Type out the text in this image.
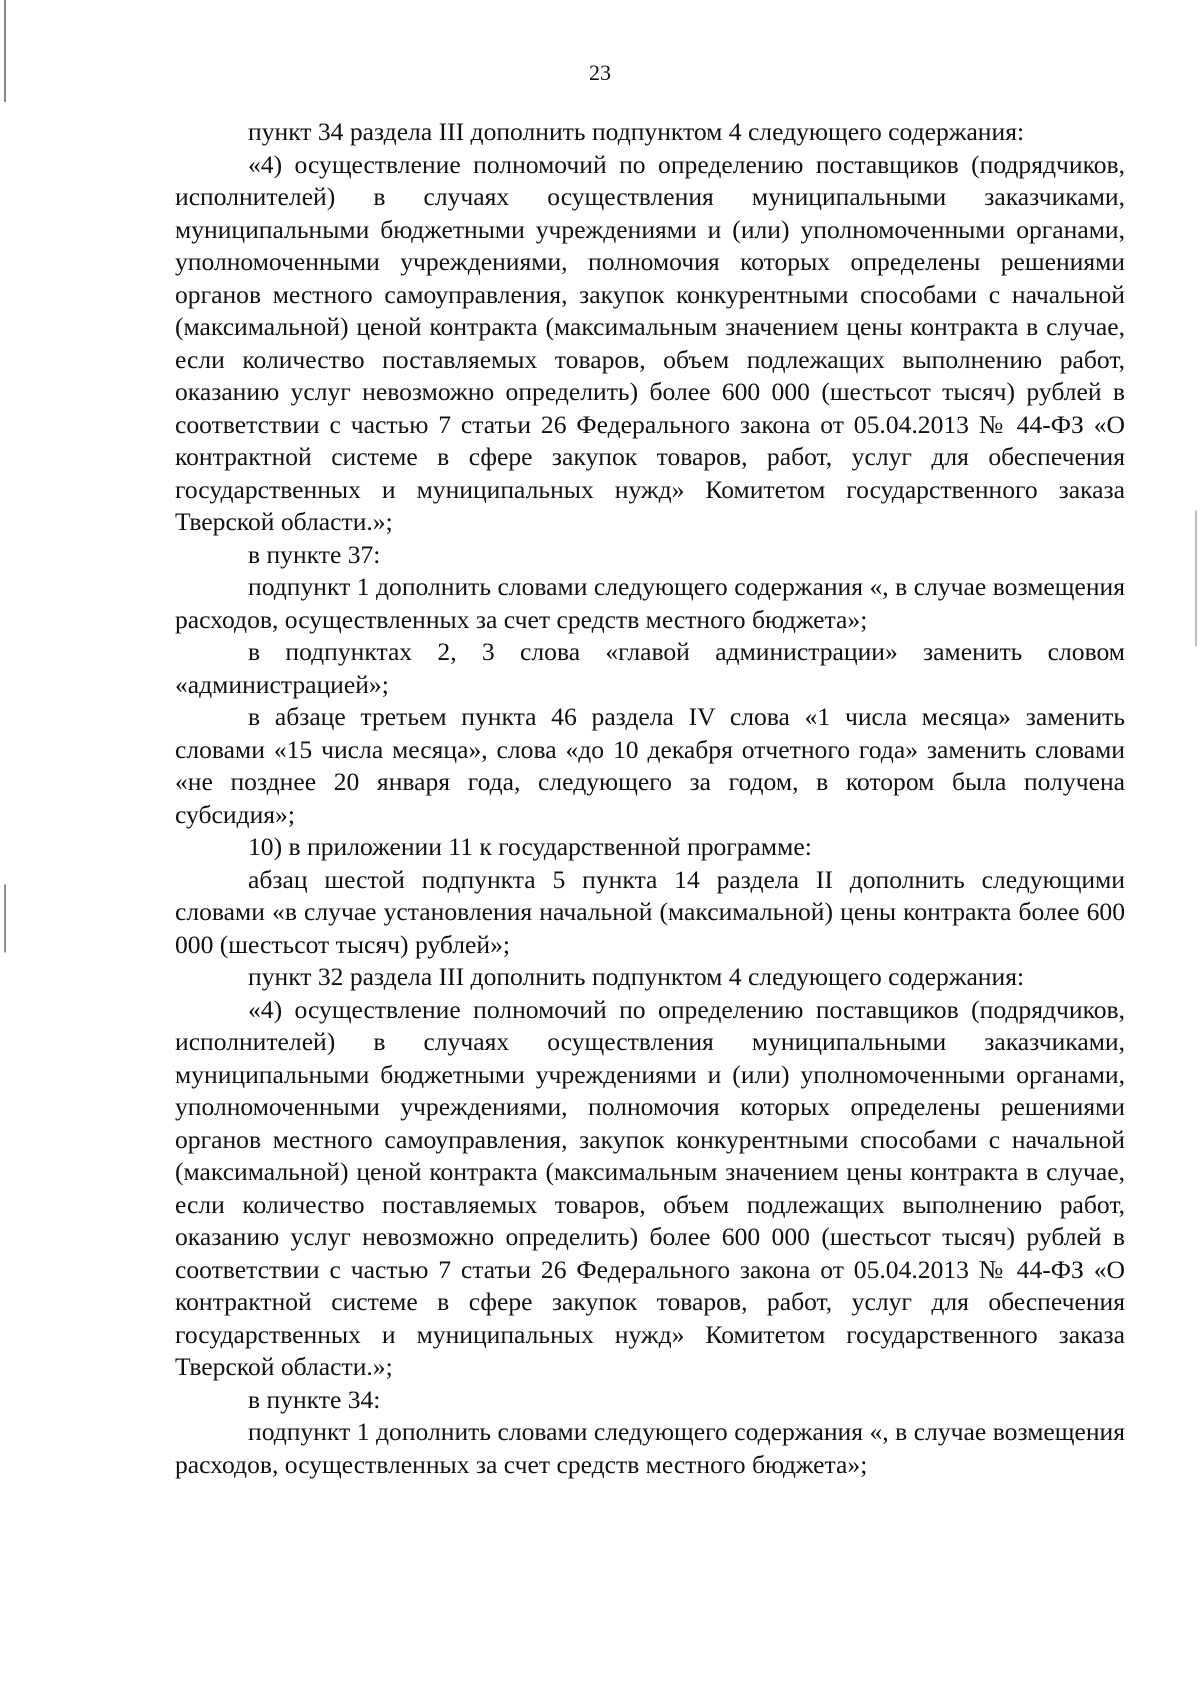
23

пункт 34 раздела III дополнить подпунктом 4 следующего содержания:

«4) осуществление полномочий по определению поставщиков (подрядчиков, исполнителей) в случаях осуществления муниципальными заказчиками, муниципальными бюджетными учреждениями и (или) уполномоченными органами, уполномоченными учреждениями, полномочия которых определены решениями органов местного самоуправления, закупок конкурентными способами с начальной (максимальной) ценой контракта (максимальным значением цены контракта в случае, если количество поставляемых товаров, объем подлежащих выполнению работ, оказанию услуг невозможно определить) более 600 000 (шестьсот тысяч) рублей в соответствии с частью 7 статьи 26 Федерального закона от 05.04.2013 № 44-ФЗ «О контрактной системе в сфере закупок товаров, работ, услуг для обеспечения государственных и муниципальных нужд» Комитетом государственного заказа Тверской области.»;

в пункте 37:

подпункт 1 дополнить словами следующего содержания «, в случае возмещения расходов, осуществленных за счет средств местного бюджета»;

в подпунктах 2, 3 слова «главой администрации» заменить словом «администрацией»;

в абзаце третьем пункта 46 раздела IV слова «1 числа месяца» заменить словами «15 числа месяца», слова «до 10 декабря отчетного года» заменить словами «не позднее 20 января года, следующего за годом, в котором была получена субсидия»;

10) в приложении 11 к государственной программе:

абзац шестой подпункта 5 пункта 14 раздела II дополнить следующими словами «в случае установления начальной (максимальной) цены контракта более 600 000 (шестьсот тысяч) рублей»;

пункт 32 раздела III дополнить подпунктом 4 следующего содержания:

«4) осуществление полномочий по определению поставщиков (подрядчиков, исполнителей) в случаях осуществления муниципальными заказчиками, муниципальными бюджетными учреждениями и (или) уполномоченными органами, уполномоченными учреждениями, полномочия которых определены решениями органов местного самоуправления, закупок конкурентными способами с начальной (максимальной) ценой контракта (максимальным значением цены контракта в случае, если количество поставляемых товаров, объем подлежащих выполнению работ, оказанию услуг невозможно определить) более 600 000 (шестьсот тысяч) рублей в соответствии с частью 7 статьи 26 Федерального закона от 05.04.2013 № 44-ФЗ «О контрактной системе в сфере закупок товаров, работ, услуг для обеспечения государственных и муниципальных нужд» Комитетом государственного заказа Тверской области.»;

в пункте 34:

подпункт 1 дополнить словами следующего содержания «, в случае возмещения расходов, осуществленных за счет средств местного бюджета»;
